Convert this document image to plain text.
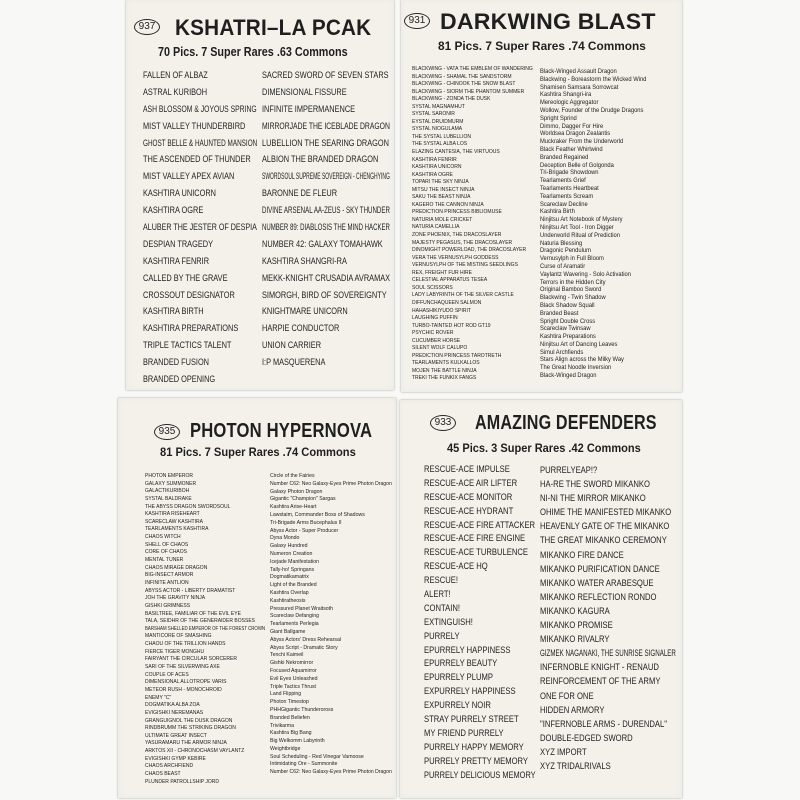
937 KSHATRI–LA PCAK
70 Pics. 7 Super Rares .63 Commons
FALLEN OF ALBAZ
ASTRAL KURIBOH
ASH BLOSSOM & JOYOUS SPRING
MIST VALLEY THUNDERBIRD
GHOST BELLE & HAUNTED MANSION
THE ASCENDED OF THUNDER
MIST VALLEY APEX AVIAN
KASHTIRA UNICORN
KASHTIRA OGRE
ALUBER THE JESTER OF DESPIA
DESPIAN TRAGEDY
KASHTIRA FENRIR
CALLED BY THE GRAVE
CROSSOUT DESIGNATOR
KASHTIRA BIRTH
KASHTIRA PREPARATIONS
TRIPLE TACTICS TALENT
BRANDED FUSION
BRANDED OPENING
SACRED SWORD OF SEVEN STARS
DIMENSIONAL FISSURE
INFINITE IMPERMANENCE
MIRRORJADE THE ICEBLADE DRAGON
LUBELLION THE SEARING DRAGON
ALBION THE BRANDED DRAGON
SWORDSOUL SUPREME SOVEREIGN - CHENGHYING
BARONNE DE FLEUR
DIVINE ARSENAL AA-ZEUS - SKY THUNDER
NUMBER 89: DIABLOSIS THE MIND HACKER
NUMBER 42: GALAXY TOMAHAWK
KASHTIRA SHANGRI-RA
MEKK-KNIGHT CRUSADIA AVRAMAX
SIMORGH, BIRD OF SOVEREIGNTY
KNIGHTMARE UNICORN
HARPIE CONDUCTOR
UNION CARRIER
I:P MASQUERENA
931 DARKWING BLAST
81 Pics. 7 Super Rares .74 Commons
BLACKWING - VATA THE EMBLEM OF WANDERING
BLACKWING - SHAMAL THE SANDSTORM
BLACKWING - CHINOOK THE SNOW BLAST
BLACKWING - SIORM THE PHANTOM SUMMER
BLACKWING - ZONDA THE DUSK
SYSTAL MAGNAMHUT
SYSTAL SARONIR
EYSTAL DRUIDMURM
SYSTAL NIOGULAMA
THE SYSTAL LUBELLION
THE SYSTAL ALBA LOS
ELAZING CANTESIA, THE VIRTUOUS
KASHTIRA FENRIR
KASHTIRA UNICORN
KASHTIRA OGRE
TOPARI THE SKY NINJA
MITSU THE INSECT NINJA
SAKU THE BEAST NINJA
KAGERO THE CANNON NINJA
PREDICTION PRINCESS BIBLIOMUSE
NATURIA MOLE CRICKET
NATURIA CAMELLIA
ZONE PHOENIX, THE DRACOSLAYER
MAJESTY PEGASUS, THE DRACOSLAYER
DINOMIGHT POWERLOAD, THE DRACOSLAYER
VERA THE VERNUSYLPH GODDESS
VERNUSYLPH OF THE MISTING SEEDLINGS
REX, FREIGHT FUR HIRE
CELESTIAL APPARATUS TESEA
SOUL SCISSORS
LADY LABYRINTH OF THE SILVER CASTLE
DIFFUNCHAQUEEN SALMON
HAHASHIKIYUDO SPIRIT
LAUGHING PUFFIN
TURBO-TAINTED HOT ROD GT19
PSYCHIC ROVER
CUCUMBER HORSE
SILENT WOLF CALUPO
PREDICTION PRINCESS TAROTRETH
TEARLAMENTS KULKALLOS
MOJEN THE BATTLE NINJA
TREKI THE FUNKIX FANGS
Black-Winged Assault Dragon
Blackwing - Boreastorm the Wicked Wind
Shamisen Samsara Sorrowcat
Kashtira Shangri-ira
Mereologic Aggregator
Wollow, Founder of the Drudge Dragons
Spright Sprind
Dimmo, Dagger For Hire
Worldsea Dragon Zealantis
Muckraker From the Underworld
Black Feather Whirlwind
Branded Regained
Deception Belle of Golgonda
Tri-Brigade Showdown
Tearlaments Grief
Tearlaments Heartbeat
Tearlaments Scream
Scareclaw Decline
Kashtira Birth
Ninjitsu Art Notebook of Mystery
Ninjitsu Art Tool - Iron Digger
Underworld Ritual of Prediction
Naturia Blessing
Dragonic Pendulum
Vernusylph in Full Bloom
Curse of Aramatir
Vaylantz Wavering - Solo Activation
Terrors in the Hidden City
Original Bamboo Sword
Blackwing - Twin Shadow
Black Shadow Squall
Branded Beast
Spright Double Cross
Scareclaw Twinsaw
Kashtira Preparations
Ninjitsu Art of Dancing Leaves
Simul Archfiends
Stars Align across the Milky Way
The Great Noodle Inversion
Black-Winged Dragon
935 PHOTON HYPERNOVA
81 Pics. 7 Super Rares .74 Commons
PHOTON EMPEROR
GALAXY SUMMONER
GALACTIKURIBOH
SYSTAL BALDRAKE
THE ABYSS DRAGON SWORDSOUL
KASHTIRA RISEHEART
SCARECLAW KASHTIRA
TEARLAMENTS KASHTIRA
CHAOS WITCH
SHELL OF CHAOS
CORE OF CHAOS
MENTAL TUNER
CHAOS MIRAGE DRAGON
BIG-INSECT ARMOR
INFINITE ANTLION
ABYSS ACTOR - LIBERTY DRAMATIST
JOH THE GRAVITY NINJA
GISHKI GRIMNESS
BASILTREE, FAMILIAR OF THE EVIL EYE
TALA, SEIDHR OF THE GENERAIDER BOSSES
BARSHAM SHELLED EMPEROR OF THE FOREST CROWN
MANTICORE OF SMASHING
CHAOU OF THE TRILLION HANDS
FIERCE TIGER MONGHU
FAIRYANT THE CIRCULAR SORCERER
SARI OF THE SILVERWING AXE
COUPLE OF ACES
DIMENSIONAL ALLOTROPE VARIS
METEOR RUSH - MONOCHROID
ENEMY "C"
DOGMATIKA ALBA ZOA
EVIGISHKI NEREMANAS
GRANGUIGNOL THE DUSK DRAGON
RINDBRUMM THE STRIKING DRAGON
ULTIMATE GREAT INSECT
YASURAMARU THE ARMOR NINJA
ARKTOS XII - CHRONOCHASM VAYLANTZ
EVIGISHKI GYMP KEBIRE
CHAOS ARCHFIEND
CHAOS BEAST
PLUNDER PATROLLSHIP JORD
Circle of the Fairies
Number C62: Neo Galaxy-Eyes Prime Photon Dragon
Galaxy Photon Dragon
Gigantic "Champion" Sargas
Kashtira Arise-Heart
Lawstaim, Commander Boss of Shadows
Tri-Brigade Arms Bucephalus II
Abyss Actor - Super Producer
Dyna Mondo
Galaxy Hundred
Numeron Creation
Icejade Manifestation
Tally-ho! Springans
Dogmatikamatrix
Light of the Branded
Kashtira Overlap
Kashtiratheosis
Pressured Planet Wraitsoth
Scareclaw Defanging
Tearlaments Perlegia
Giant Ballgame
Abyss Actors' Dress Rehearsal
Abyss Script - Dramatic Story
Tenchi Kaimeil
Gishki Nekromirror
Focused Aquamirror
Evil Eyes Unleashed
Triple Tactics Thrust
Land Flipping
Photon Timestop
PHHGigantic Thunderoross
Branded Beliefen
Trivikarma
Kashtira Big Bang
Big Welkomm Labyrinth
Weightbridge
Soul Scheduling - Red Vinegar Vamoose
Intimidating Ore - Summonite
Number C62: Neo Galaxy-Eyes Prime Photon Dragon
933 AMAZING DEFENDERS
45 Pics. 3 Super Rares .42 Commons
RESCUE-ACE IMPULSE
RESCUE-ACE AIR LIFTER
RESCUE-ACE MONITOR
RESCUE-ACE HYDRANT
RESCUE-ACE FIRE ATTACKER
RESCUE-ACE FIRE ENGINE
RESCUE-ACE TURBULENCE
RESCUE-ACE HQ
RESCUE!
ALERT!
CONTAIN!
EXTINGUISH!
PURRELY
EPURRELY HAPPINESS
EPURRELY BEAUTY
EPURRELY PLUMP
EXPURRELY HAPPINESS
EXPURRELY NOIR
STRAY PURRELY STREET
MY FRIEND PURRELY
PURRELY HAPPY MEMORY
PURRELY PRETTY MEMORY
PURRELY DELICIOUS MEMORY
PURRELYEAP!?
HA-RE THE SWORD MIKANKO
NI-NI THE MIRROR MIKANKO
OHIME THE MANIFESTED MIKANKO
HEAVENLY GATE OF THE MIKANKO
THE GREAT MIKANKO CEREMONY
MIKANKO FIRE DANCE
MIKANKO PURIFICATION DANCE
MIKANKO WATER ARABESQUE
MIKANKO REFLECTION RONDO
MIKANKO KAGURA
MIKANKO PROMISE
MIKANKO RIVALRY
GIZMEK NAGANAKI, THE SUNRISE SIGNALER
INFERNOBLE KNIGHT - RENAUD
REINFORCEMENT OF THE ARMY
ONE FOR ONE
HIDDEN ARMORY
"INFERNOBLE ARMS - DURENDAL"
DOUBLE-EDGED SWORD
XYZ IMPORT
XYZ TRIDALRIVALS
